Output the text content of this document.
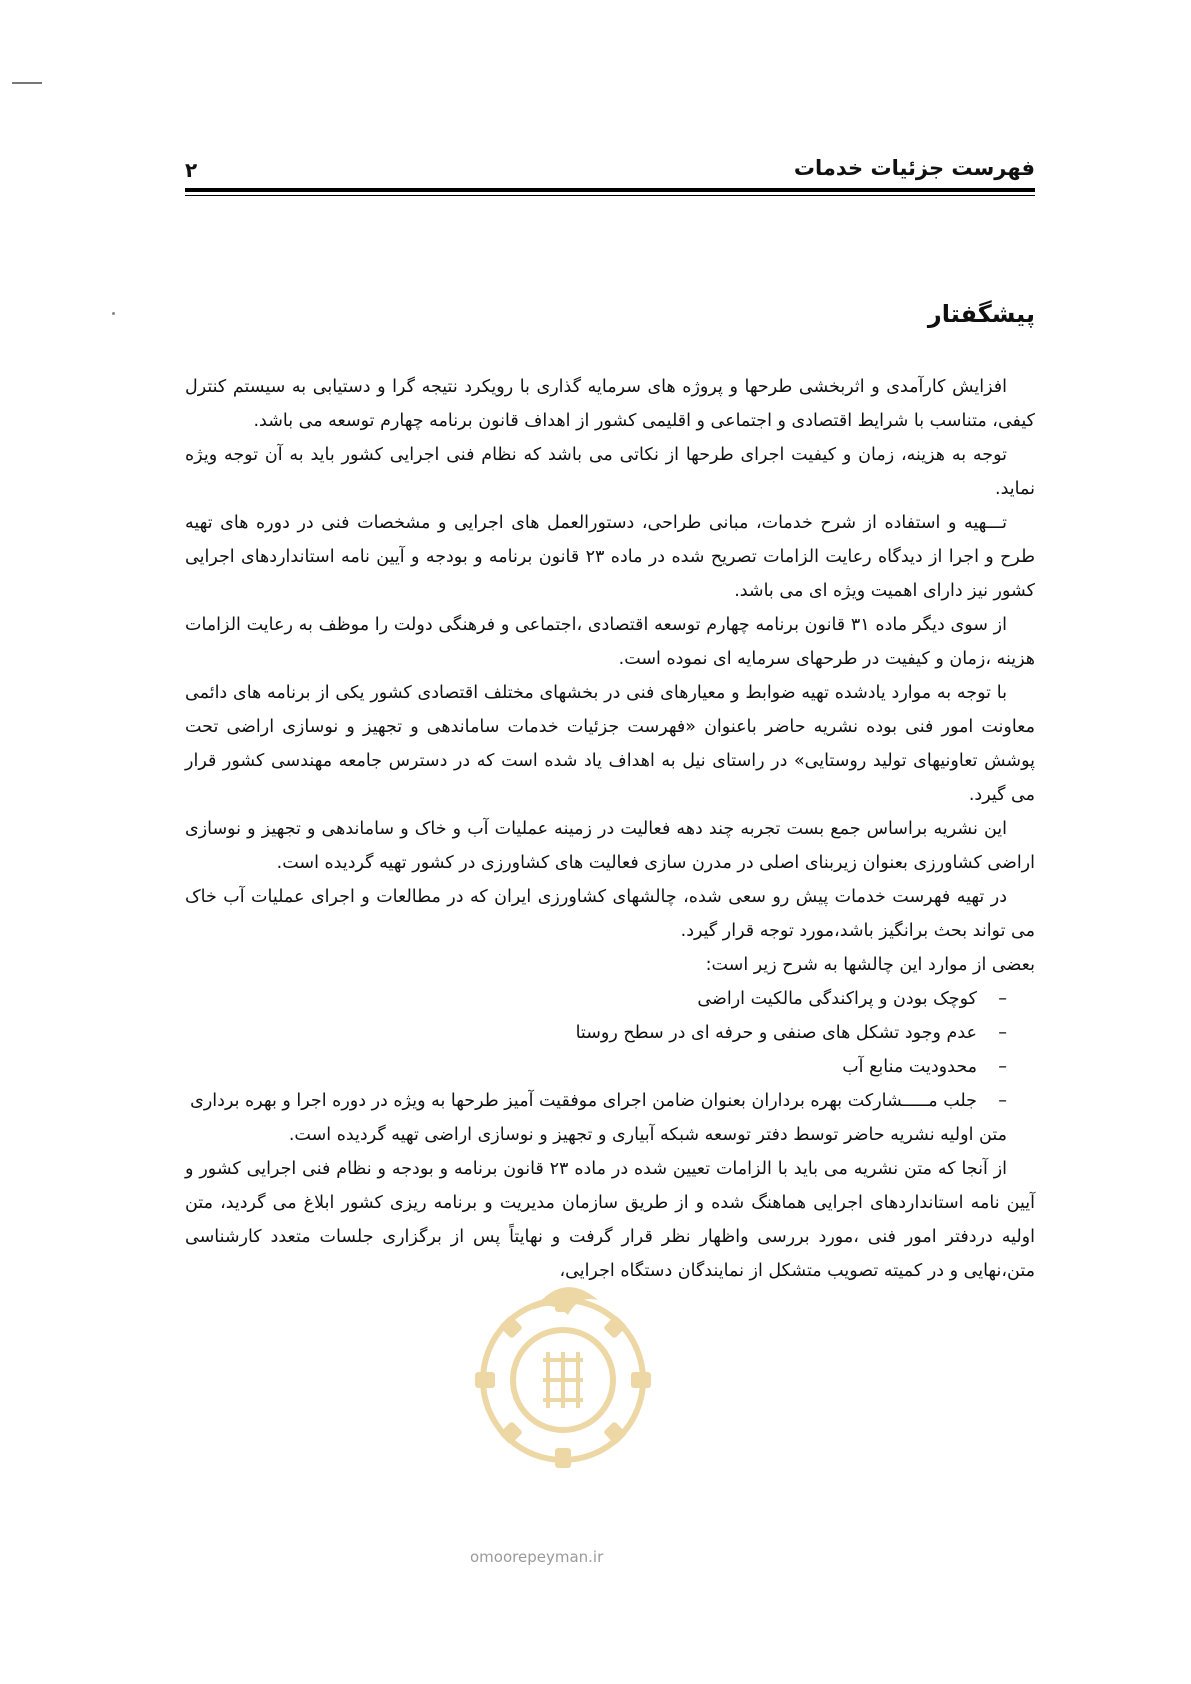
فهرست جزئیات خدمات
۲
پیشگفتار

افزایش کارآمدی و اثربخشی طرحها و پروژه های سرمایه گذاری با رویکرد نتیجه گرا و دستیابی به سیستم کنترل کیفی، متناسب با شرایط اقتصادی و اجتماعی و اقلیمی کشور از اهداف قانون برنامه چهارم توسعه می باشد.

توجه به هزینه، زمان و کیفیت اجرای طرحها از نکاتی می باشد که نظام فنی اجرایی کشور باید به آن توجه ویژه نماید.

تـــهیه و استفاده از شرح خدمات، مبانی طراحی، دستورالعمل های اجرایی و مشخصات فنی در دوره های تهیه طرح و اجرا از دیدگاه رعایت الزامات تصریح شده در ماده ۲۳ قانون برنامه و بودجه و آیین نامه استانداردهای اجرایی کشور نیز دارای اهمیت ویژه ای می باشد.

از سوی دیگر ماده ۳۱ قانون برنامه چهارم توسعه اقتصادی ،اجتماعی و فرهنگی دولت را موظف به رعایت الزامات هزینه ،زمان و کیفیت در طرحهای سرمایه ای نموده است.

با توجه به موارد یادشده تهیه ضوابط و معیارهای فنی در بخشهای مختلف اقتصادی کشور یکی از برنامه های دائمی معاونت امور فنی بوده نشریه حاضر باعنوان «فهرست جزئیات خدمات ساماندهی و تجهیز و نوسازی اراضی تحت پوشش تعاونیهای تولید روستایی» در راستای نیل به اهداف یاد شده است که در دسترس جامعه مهندسی کشور قرار می گیرد.

این نشریه براساس جمع بست تجربه چند دهه فعالیت در زمینه عملیات آب و خاک و ساماندهی و تجهیز و نوسازی اراضی کشاورزی بعنوان زیربنای اصلی در مدرن سازی فعالیت های کشاورزی در کشور تهیه گردیده است.

در تهیه فهرست خدمات پیش رو سعی شده، چالشهای کشاورزی ایران که در مطالعات و اجرای عملیات آب خاک می تواند بحث برانگیز باشد،مورد توجه قرار گیرد.

بعضی از موارد این چالشها به شرح زیر است:

–
کوچک بودن و پراکندگی مالکیت اراضی
–
عدم وجود تشکل های صنفی و حرفه ای در سطح روستا
–
محدودیت منابع آب
–
جلب مـــــشارکت بهره برداران بعنوان ضامن اجرای موفقیت آمیز طرحها به ویژه در دوره اجرا و بهره برداری

متن اولیه نشریه حاضر توسط دفتر توسعه شبکه آبیاری و تجهیز و نوسازی اراضی تهیه گردیده است.

از آنجا که متن نشریه می باید با الزامات تعیین شده در ماده ۲۳ قانون برنامه و بودجه و نظام فنی اجرایی کشور و آیین نامه استانداردهای اجرایی هماهنگ شده و از طریق سازمان مدیریت و برنامه ریزی کشور ابلاغ می گردید، متن اولیه دردفتر امور فنی ،مورد بررسی واظهار نظر قرار گرفت و نهایتاً پس از برگزاری جلسات متعدد کارشناسی متن،نهایی و در کمیته تصویب متشکل از نمایندگان دستگاه اجرایی،

omoorepeyman.ir
